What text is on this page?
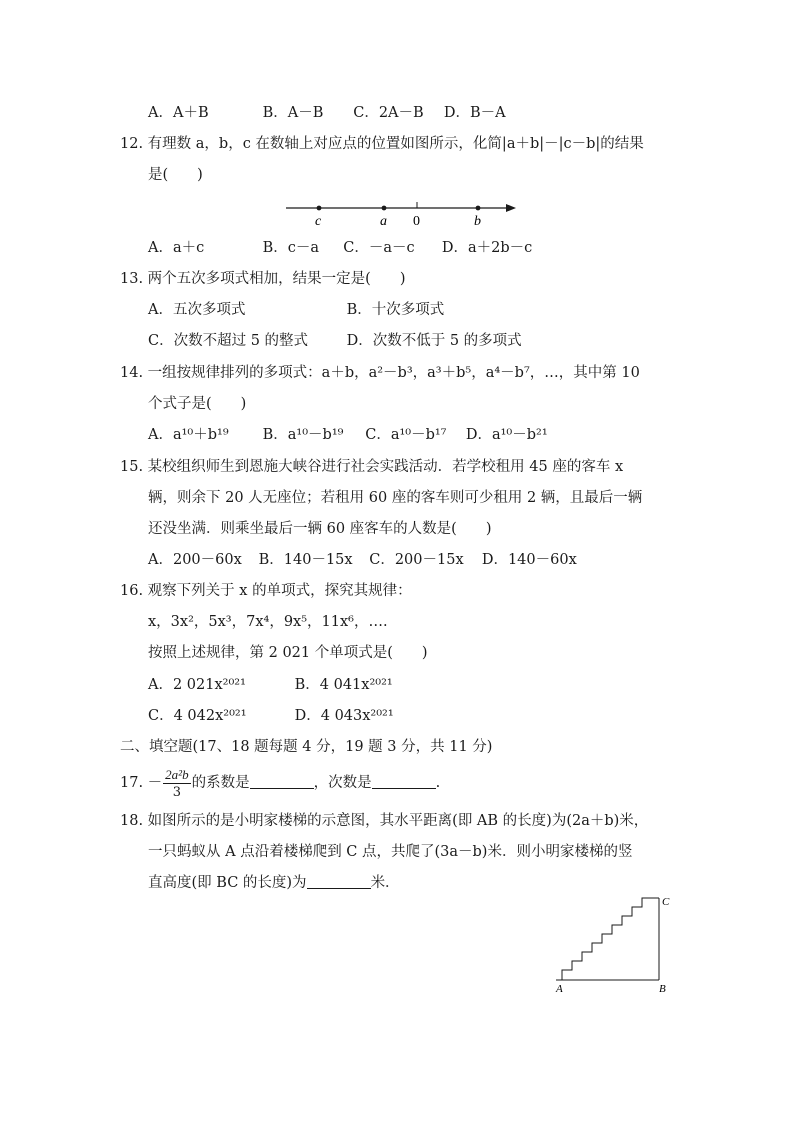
A．A＋B	B．A－B C．2A－B D．B－A
12. 有理数 a，b，c 在数轴上对应点的位置如图所示，化简|a＋b|－|c－b|的结果
是(　　)
c	a 0	b
A．a＋c	B．c－a C．－a－c D．a＋2b－c
13. 两个五次多项式相加，结果一定是(　　)
A．五次多项式	B．十次多项式
C．次数不超过 5 的整式	D．次数不低于 5 的多项式
14. 一组按规律排列的多项式：a＋b，a²－b³，a³＋b⁵，a⁴－b⁷，…，其中第 10
个式子是(　　)
A．a¹⁰＋b¹⁹ B．a¹⁰－b¹⁹ C．a¹⁰－b¹⁷ D．a¹⁰－b²¹
15. 某校组织师生到恩施大峡谷进行社会实践活动．若学校租用 45 座的客车 x
辆，则余下 20 人无座位；若租用 60 座的客车则可少租用 2 辆，且最后一辆
还没坐满．则乘坐最后一辆 60 座客车的人数是(　　)
A．200－60x B．140－15x C．200－15x D．140－60x
16. 观察下列关于 x 的单项式，探究其规律：
x，3x²，5x³，7x⁴，9x⁵，11x⁶，….
按照上述规律，第 2 021 个单项式是(　　)
A．2 021x²⁰²¹	B．4 041x²⁰²¹
C．4 042x²⁰²¹	D．4 043x²⁰²¹
二、填空题(17、18 题每题 4 分，19 题 3 分，共 11 分)
17. － $\frac{\text{2a²b}}{3}$ 的系数是	，次数是	.
18. 如图所示的是小明家楼梯的示意图，其水平距离(即 AB 的长度)为(2a＋b)米，
一只蚂蚁从 A 点沿着楼梯爬到 C 点，共爬了(3a－b)米．则小明家楼梯的竖
直高度(即 BC 的长度)为	米．
A	B
C
